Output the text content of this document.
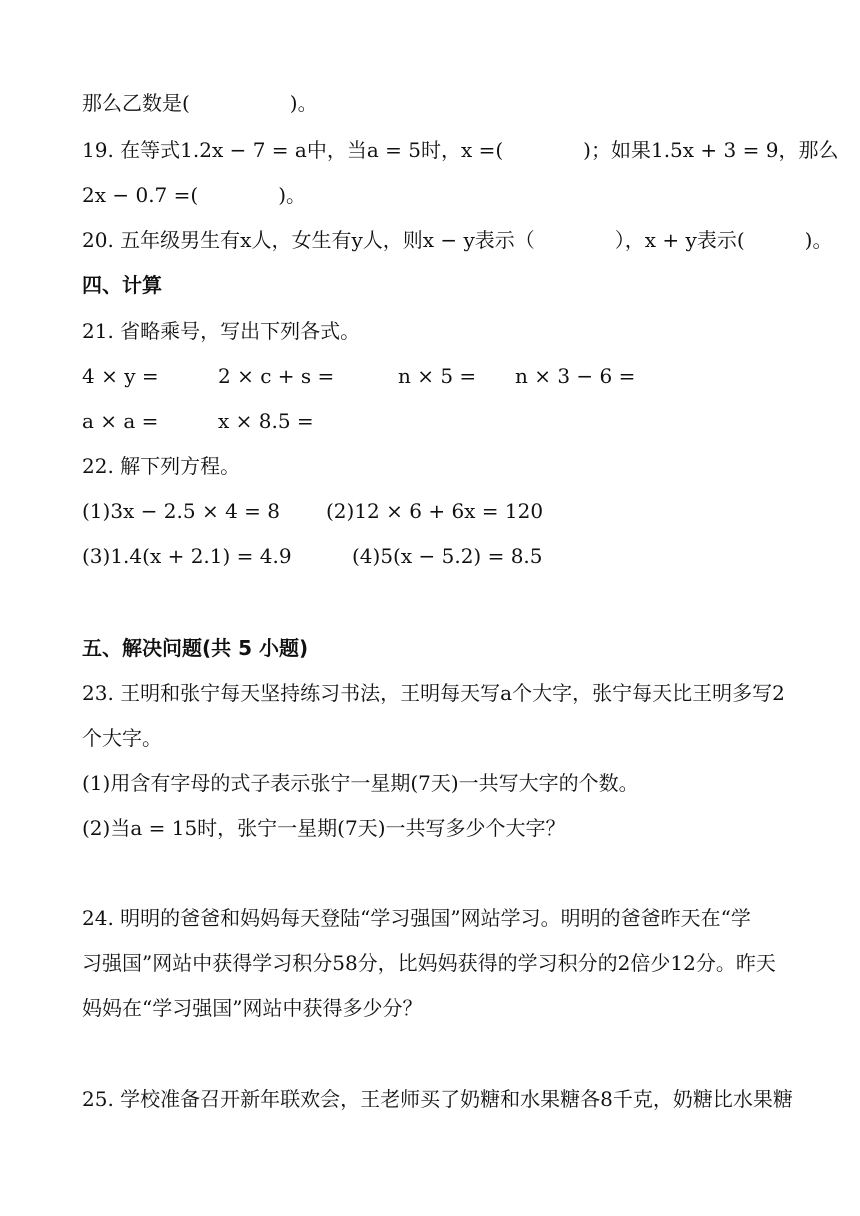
那么乙数是(　　　　　)。
19. 在等式1.2x − 7 = a中，当a = 5时，x =(　　　　)；如果1.5x + 3 = 9，那么
2x − 0.7 =(　　　　)。
20. 五年级男生有x人，女生有y人，则x − y表示（　　　　），x + y表示(　　　)。
四、计算
21. 省略乘号，写出下列各式。
4 × y =	2 × c + s =	n × 5 = n × 3 − 6 =
a × a =	x × 8.5 =
22. 解下列方程。
(1)3x − 2.5 × 4 = 8 (2)12 × 6 + 6x = 120
(3)1.4(x + 2.1) = 4.9	(4)5(x − 5.2) = 8.5
五、解决问题(共 5 小题)
23. 王明和张宁每天坚持练习书法，王明每天写a个大字，张宁每天比王明多写2
个大字。
(1)用含有字母的式子表示张宁一星期(7天)一共写大字的个数。
(2)当a = 15时，张宁一星期(7天)一共写多少个大字？
24. 明明的爸爸和妈妈每天登陆“学习强国”网站学习。明明的爸爸昨天在“学
习强国”网站中获得学习积分58分，比妈妈获得的学习积分的2倍少12分。昨天
妈妈在“学习强国”网站中获得多少分？
25. 学校准备召开新年联欢会，王老师买了奶糖和水果糖各8千克，奶糖比水果糖
